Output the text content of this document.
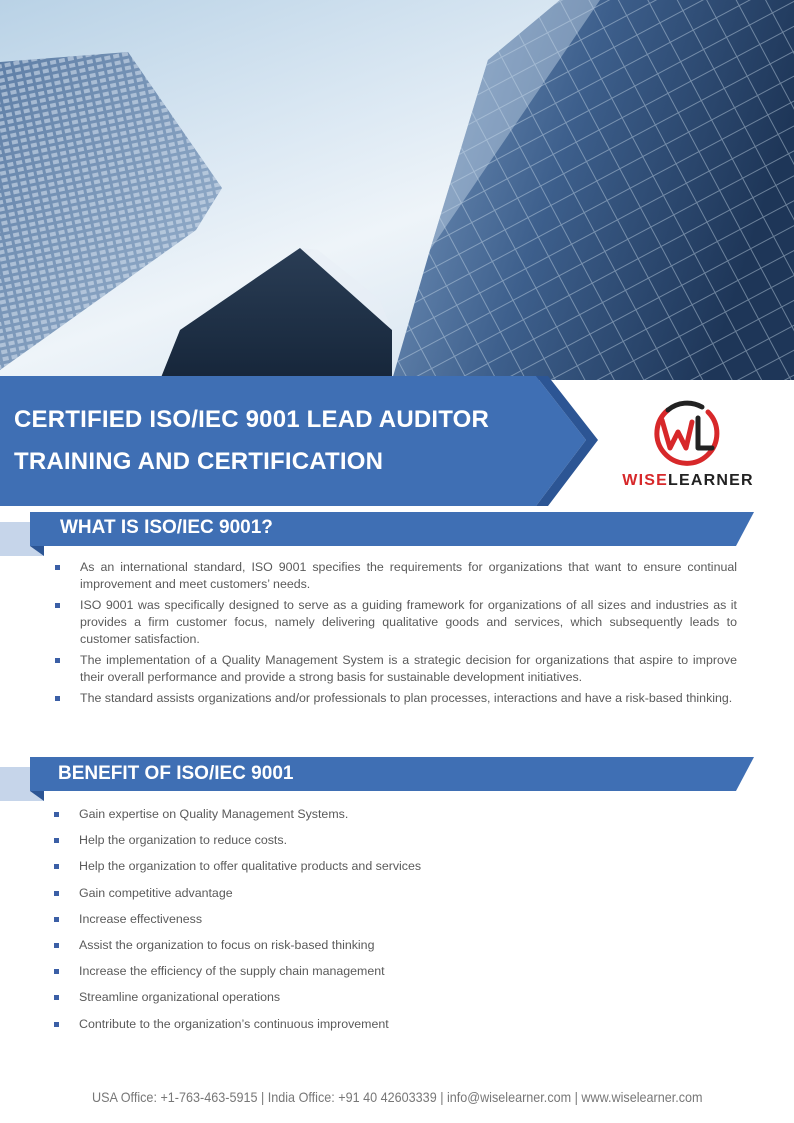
CERTIFIED ISO/IEC 9001 LEAD AUDITOR
TRAINING AND CERTIFICATION
WISELEARNER
WHAT IS ISO/IEC 9001?
As an international standard, ISO 9001 specifies the requirements for organizations that want to ensure continual improvement and meet customers’ needs.
ISO 9001 was specifically designed to serve as a guiding framework for organizations of all sizes and industries as it provides a firm customer focus, namely delivering qualitative goods and services, which subsequently leads to customer satisfaction.
The implementation of a Quality Management System is a strategic decision for organizations that aspire to improve their overall performance and provide a strong basis for sustainable development initiatives.
The standard assists organizations and/or professionals to plan processes, interactions and have a risk-based thinking.
BENEFIT OF ISO/IEC 9001
Gain expertise on Quality Management Systems.
Help the organization to reduce costs.
Help the organization to offer qualitative products and services
Gain competitive advantage
Increase effectiveness
Assist the organization to focus on risk-based thinking
Increase the efficiency of the supply chain management
Streamline organizational operations
Contribute to the organization’s continuous improvement
USA Office: +1-763-463-5915 | India Office: +91 40 42603339 | info@wiselearner.com | www.wiselearner.com
